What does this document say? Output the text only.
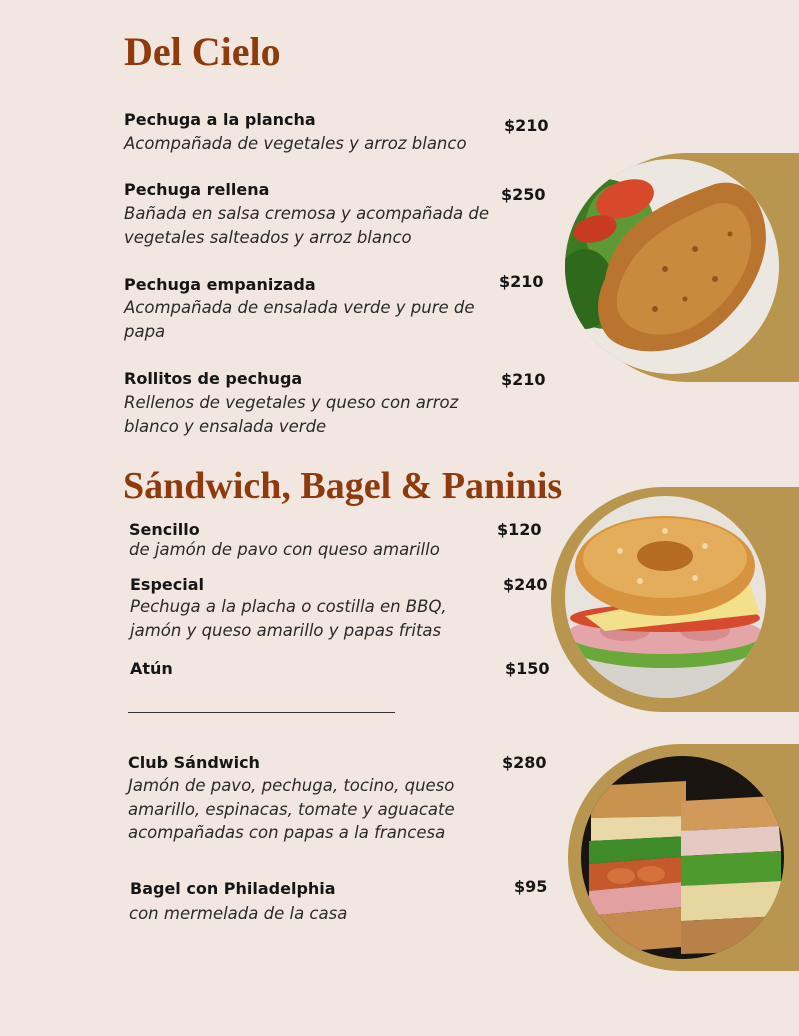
Del Cielo
Pechuga a la plancha	$210
Acompañada de vegetales y arroz blanco
Pechuga rellena	$250
Bañada en salsa cremosa y acompañada de vegetales salteados y arroz blanco
Pechuga empanizada	$210
Acompañada de ensalada verde y pure de papa
Rollitos de pechuga	$210
Rellenos de vegetales y queso con arroz blanco y ensalada verde
Sándwich, Bagel & Paninis
Sencillo	$120
de jamón de pavo con queso amarillo
Especial	$240
Pechuga a la placha o costilla en BBQ, jamón y queso amarillo y papas fritas
Atún	$150
Club Sándwich	$280
Jamón de pavo, pechuga, tocino, queso amarillo, espinacas, tomate y aguacate acompañadas con papas a la francesa
Bagel con Philadelphia	$95
con mermelada de la casa
